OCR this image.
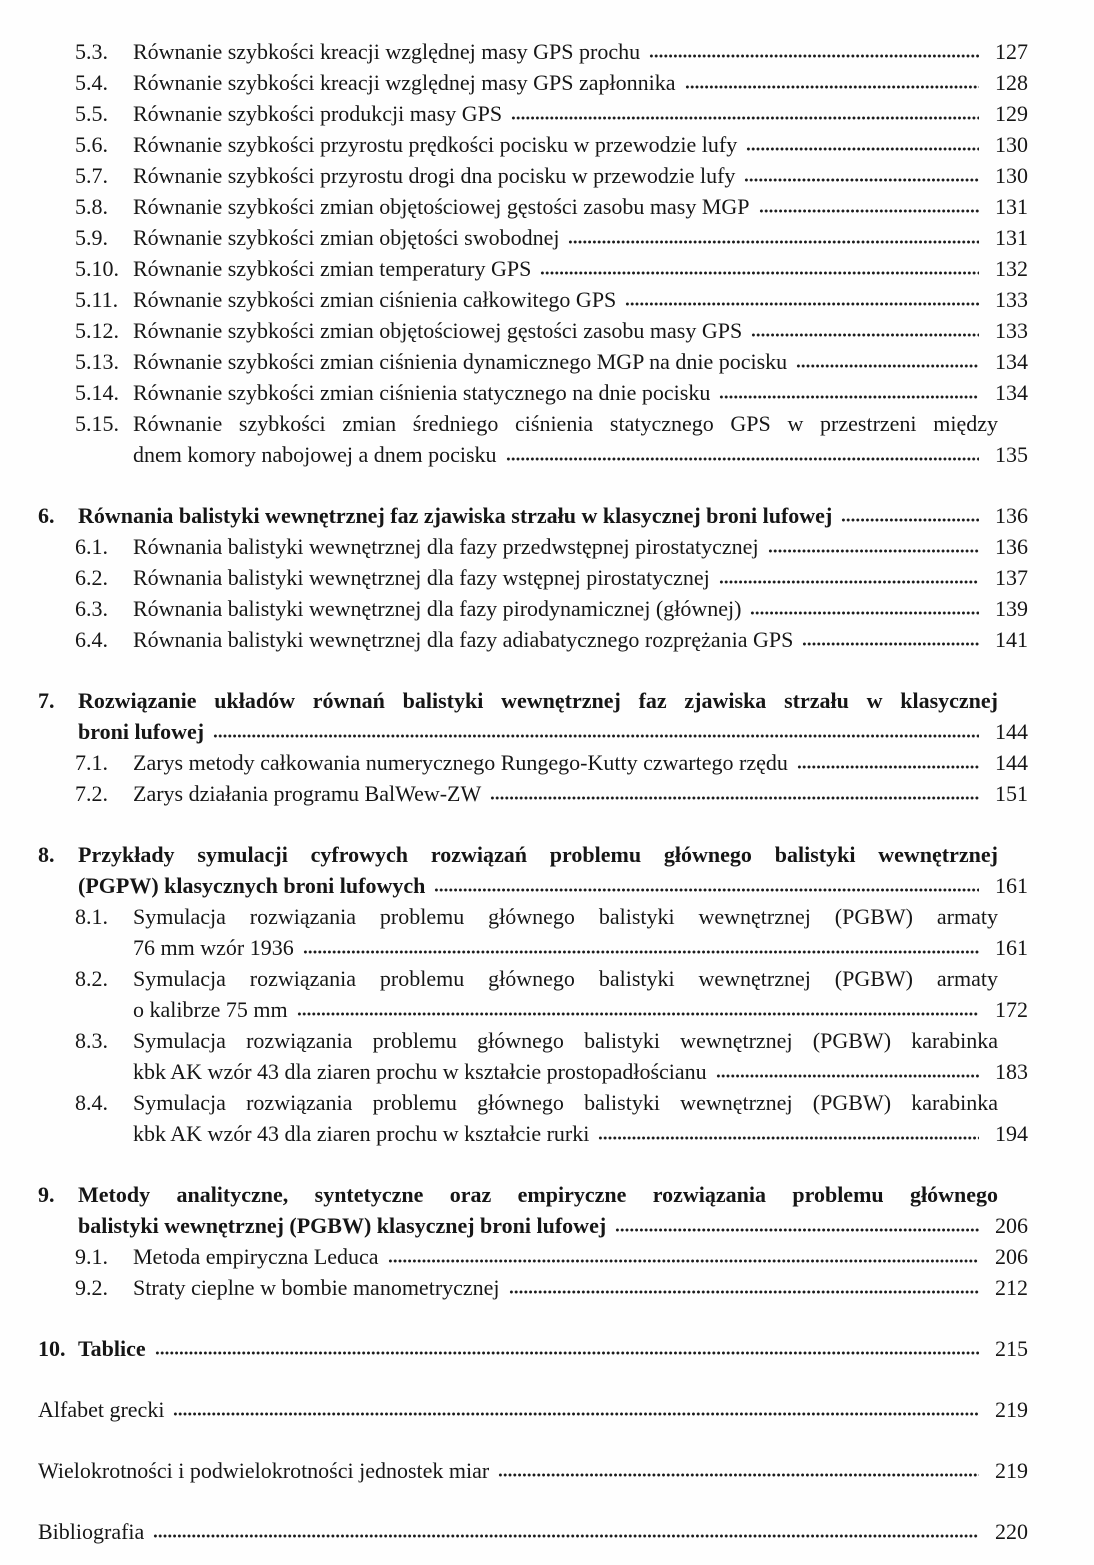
5.3.	Równanie szybkości kreacji względnej masy GPS prochu	127
5.4.	Równanie szybkości kreacji względnej masy GPS zapłonnika	128
5.5.	Równanie szybkości produkcji masy GPS	129
5.6.	Równanie szybkości przyrostu prędkości pocisku w przewodzie lufy	130
5.7.	Równanie szybkości przyrostu drogi dna pocisku w przewodzie lufy	130
5.8.	Równanie szybkości zmian objętościowej gęstości zasobu masy MGP	131
5.9.	Równanie szybkości zmian objętości swobodnej	131
5.10. Równanie szybkości zmian temperatury GPS	132
5.11. Równanie szybkości zmian ciśnienia całkowitego GPS	133
5.12. Równanie szybkości zmian objętościowej gęstości zasobu masy GPS	133
5.13. Równanie szybkości zmian ciśnienia dynamicznego MGP na dnie pocisku	134
5.14. Równanie szybkości zmian ciśnienia statycznego na dnie pocisku	134
5.15. Równanie szybkości zmian średniego ciśnienia statycznego GPS w przestrzeni między
dnem komory nabojowej a dnem pocisku	135
6.	Równania balistyki wewnętrznej faz zjawiska strzału w klasycznej broni lufowej	136
6.1.	Równania balistyki wewnętrznej dla fazy przedwstępnej pirostatycznej	136
6.2.	Równania balistyki wewnętrznej dla fazy wstępnej pirostatycznej	137
6.3.	Równania balistyki wewnętrznej dla fazy pirodynamicznej (głównej)	139
6.4.	Równania balistyki wewnętrznej dla fazy adiabatycznego rozprężania GPS	141
7.	Rozwiązanie układów równań balistyki wewnętrznej faz zjawiska strzału w klasycznej
broni lufowej	144
7.1.	Zarys metody całkowania numerycznego Rungego-Kutty czwartego rzędu	144
7.2.	Zarys działania programu BalWew-ZW	151
8.	Przykłady symulacji cyfrowych rozwiązań problemu głównego balistyki wewnętrznej
(PGPW) klasycznych broni lufowych	161
8.1.	Symulacja rozwiązania problemu głównego balistyki wewnętrznej (PGBW) armaty
76 mm wzór 1936	161
8.2.	Symulacja rozwiązania problemu głównego balistyki wewnętrznej (PGBW) armaty
o kalibrze 75 mm	172
8.3.	Symulacja rozwiązania problemu głównego balistyki wewnętrznej (PGBW) karabinka
kbk AK wzór 43 dla ziaren prochu w kształcie prostopadłościanu	183
8.4.	Symulacja rozwiązania problemu głównego balistyki wewnętrznej (PGBW) karabinka
kbk AK wzór 43 dla ziaren prochu w kształcie rurki	194
9.	Metody analityczne, syntetyczne oraz empiryczne rozwiązania problemu głównego
balistyki wewnętrznej (PGBW) klasycznej broni lufowej	206
9.1.	Metoda empiryczna Leduca	206
9.2.	Straty cieplne w bombie manometrycznej	212
10. Tablice	215
Alfabet grecki	219
Wielokrotności i podwielokrotności jednostek miar	219
Bibliografia	220
